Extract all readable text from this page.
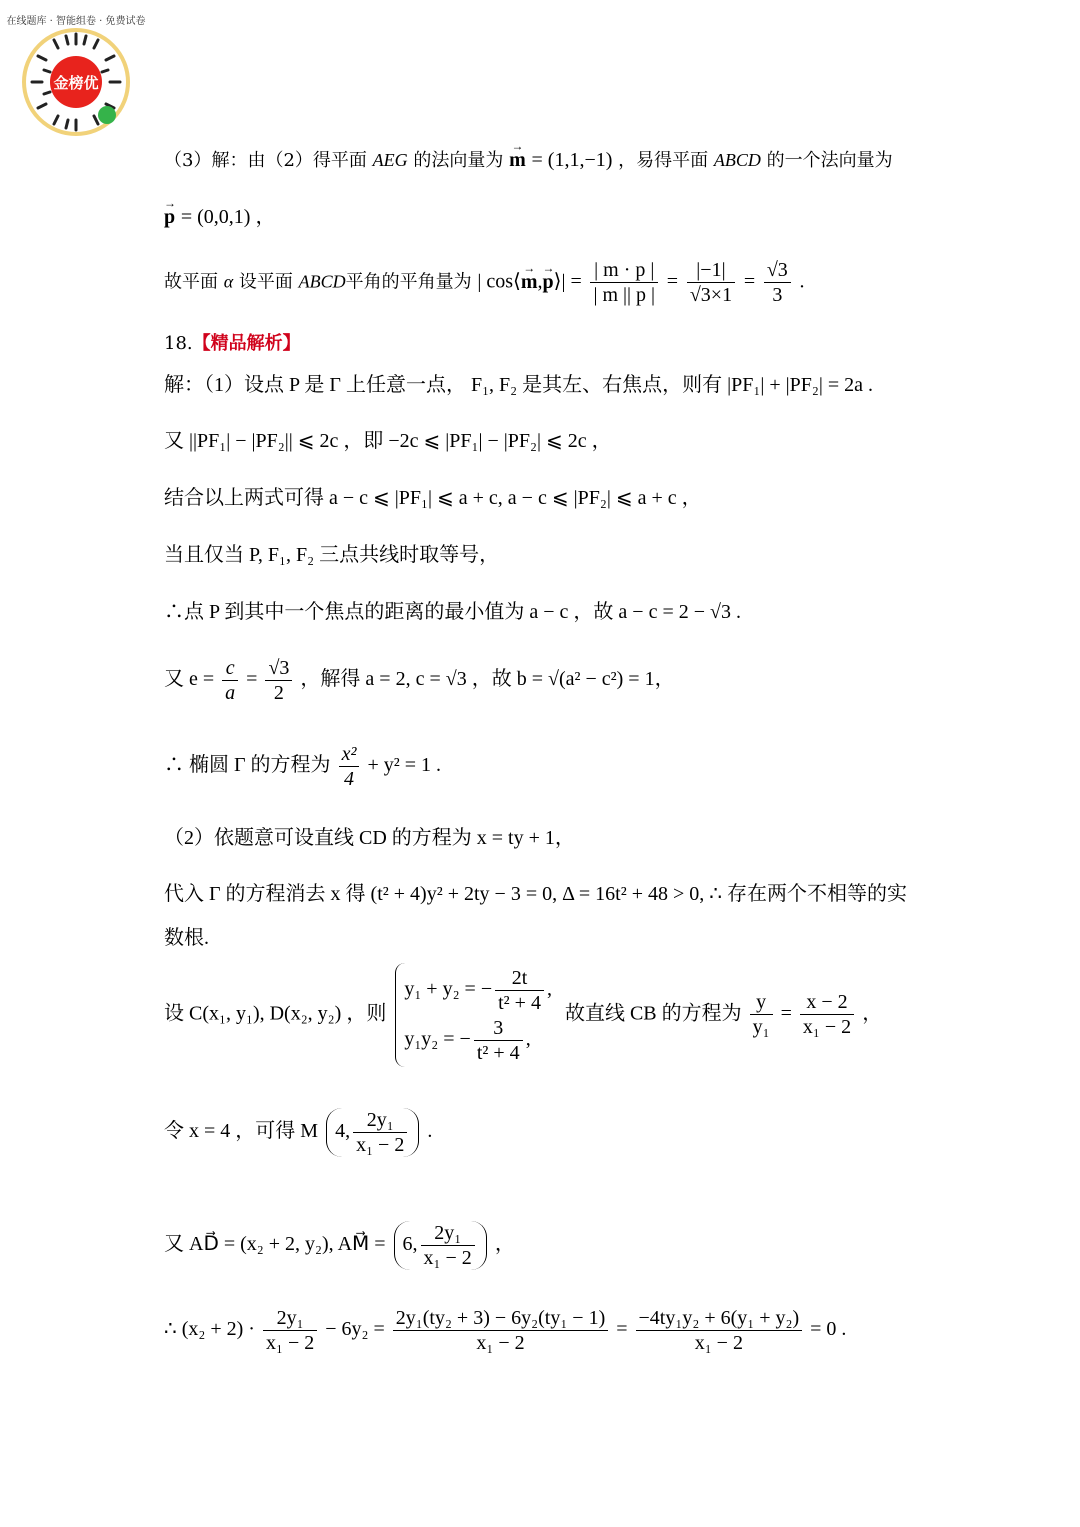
金榜优
在线题库 · 智能组卷 · 免费试卷
（3）解：由（2）得平面 AEG 的法向量为 → m = (1,1,−1) ，易得平面 ABCD 的一个法向量为
→ p = (0,0,1) ，
故平面 α 设平面 ABCD平角的平角量为 | cos⟨→ m,→ p⟩| = $\frac{| m \cdot p |}{| m || p |} = \frac{|-1|}{√3\times 1} = \frac{√3}{3}$ .
18.【精品解析】
解：（1）设点 P 是 Γ 上任意一点， F₁, F₂ 是其左、右焦点，则有 |PF₁| + |PF₂| = 2a .
又 ||PF₁| − |PF₂|| ⩽ 2c ，即 −2c ⩽ |PF₁| − |PF₂| ⩽ 2c ，
结合以上两式可得 a − c ⩽ |PF₁| ⩽ a + c, a − c ⩽ |PF₂| ⩽ a + c ，
当且仅当 P, F₁, F₂ 三点共线时取等号，
∴点 P 到其中一个焦点的距离的最小值为 a − c ，故 a − c = 2 − √3 .
又 $e = \frac{c}{a} = \frac{√3}{2}$ ，解得 a = 2, c = √3 ，故 b = √(a² − c²) = 1，
∴ 椭圆 Γ 的方程为 $\frac{\text{x²}}{4} + y^2 = 1$ .
（2）依题意可设直线 CD 的方程为 x = ty + 1，
代入 Γ 的方程消去 x 得 (t² + 4)y² + 2ty − 3 = 0, Δ = 16t² + 48 > 0, ∴ 存在两个不相等的实
数根.
设 C(x₁, y₁), D(x₂, y₂) ，则
y₁ + y₂ = − $\frac{2t}{\text{t² + 4}}$ ,
y₁y₂ = − $\frac{3}{\text{t² + 4}}$ ,
故直线 CB 的方程为 $\frac{y}{\text{y₁}} = \frac{x - 2}{\text{x₁ − 2}}$ ，
令 x = 4 ，可得 M 4, $\frac{\text{2y₁}}{\text{x₁ − 2}}$ .
又 AD⃗ = (x₂ + 2, y₂), AM⃗ = 6, $\frac{\text{2y₁}}{\text{x₁ − 2}}$ ，
∴ $(x_2 + 2) \cdot \frac{\text{2y₁}}{\text{x₁ − 2}} - 6y_2 = \frac{\text{2y₁(ty₂ + 3) − 6y₂(ty₁ − 1)}}{\text{x₁ − 2}} = \frac{\text{−4ty₁y₂ + 6(y₁ + y₂)}}{\text{x₁ − 2}} = 0$ .
